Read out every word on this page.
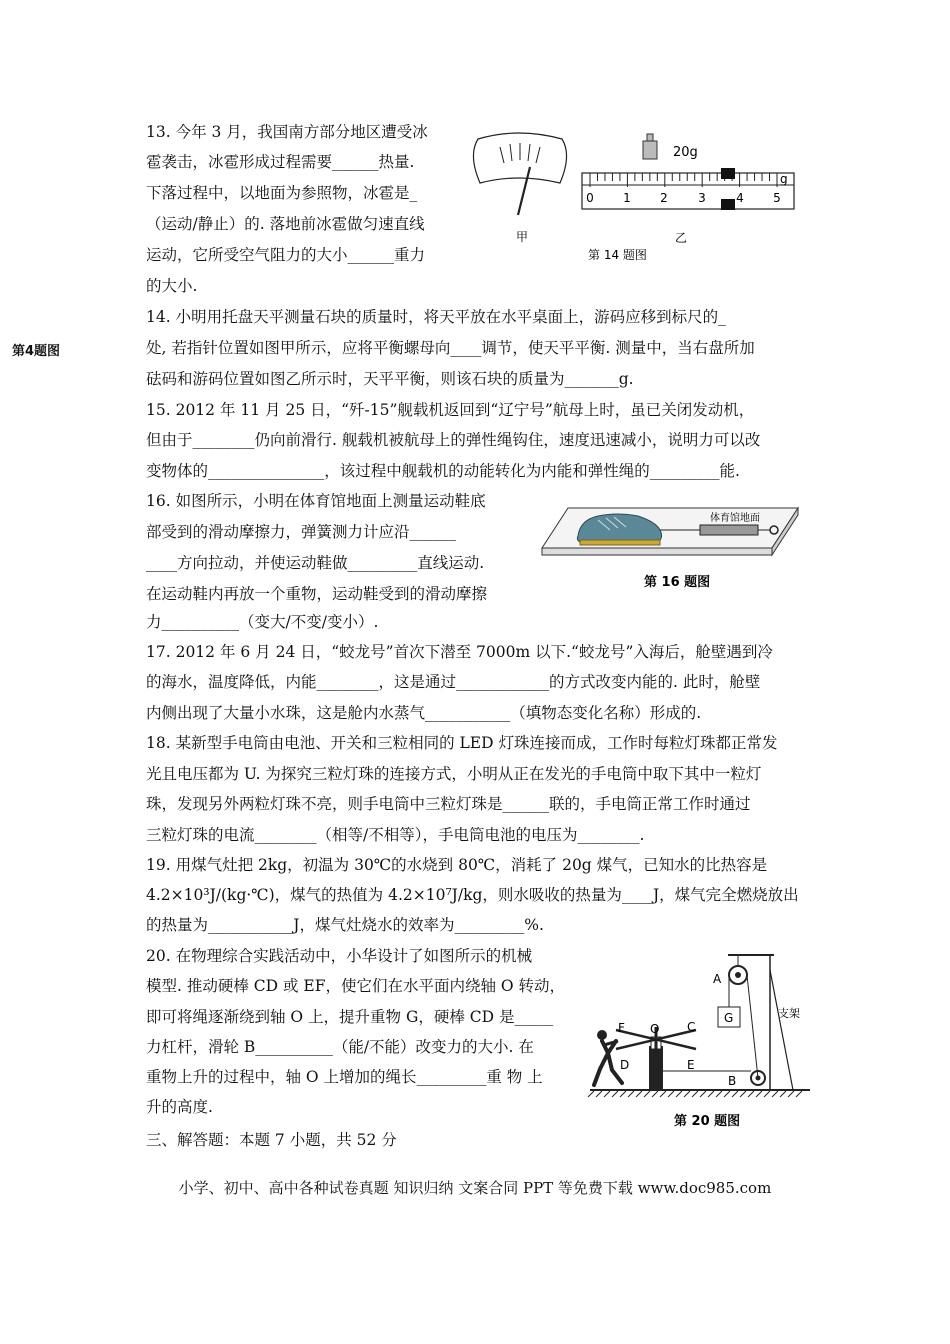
第4题图
13. 今年 3 月，我国南方部分地区遭受冰
雹袭击，冰雹形成过程需要______热量.
下落过程中，以地面为参照物，冰雹是_
（运动/静止）的. 落地前冰雹做匀速直线
运动，它所受空气阻力的大小______重力
的大小.
甲
20g
g
0 1 2	3	4 5
乙
第 14 题图
14. 小明用托盘天平测量石块的质量时，将天平放在水平桌面上，游码应移到标尺的_
处, 若指针位置如图甲所示，应将平衡螺母向____调节，使天平平衡. 测量中，当右盘所加
砝码和游码位置如图乙所示时，天平平衡，则该石块的质量为_______g.
15. 2012 年 11 月 25 日，“歼-15”舰载机返回到“辽宁号”航母上时，虽已关闭发动机，
但由于________仍向前滑行. 舰载机被航母上的弹性绳钩住，速度迅速减小，说明力可以改
变物体的_______________，该过程中舰载机的动能转化为内能和弹性绳的_________能.
16. 如图所示，小明在体育馆地面上测量运动鞋底
部受到的滑动摩擦力，弹簧测力计应沿______
____方向拉动，并使运动鞋做_________直线运动.
在运动鞋内再放一个重物，运动鞋受到的滑动摩擦
力__________（变大/不变/变小）.
体育馆地面
第 16 题图
17. 2012 年 6 月 24 日，“蛟龙号”首次下潜至 7000m 以下.“蛟龙号”入海后，舱壁遇到冷
的海水，温度降低，内能________，这是通过____________的方式改变内能的. 此时，舱壁
内侧出现了大量小水珠，这是舱内水蒸气___________（填物态变化名称）形成的.
18. 某新型手电筒由电池、开关和三粒相同的 LED 灯珠连接而成，工作时每粒灯珠都正常发
光且电压都为 U. 为探究三粒灯珠的连接方式，小明从正在发光的手电筒中取下其中一粒灯
珠，发现另外两粒灯珠不亮，则手电筒中三粒灯珠是______联的，手电筒正常工作时通过
三粒灯珠的电流________（相等/不相等），手电筒电池的电压为________.
19. 用煤气灶把 2kg，初温为 30℃的水烧到 80℃，消耗了 20g 煤气，已知水的比热容是
4.2×10³J/(kg·℃)，煤气的热值为 4.2×10⁷J/kg，则水吸收的热量为____J，煤气完全燃烧放出
的热量为___________J，煤气灶烧水的效率为_________%.
20. 在物理综合实践活动中，小华设计了如图所示的机械
模型. 推动硬棒 CD 或 EF，使它们在水平面内绕轴 O 转动，
即可将绳逐渐绕到轴 O 上，提升重物 G，硬棒 CD 是_____
力杠杆，滑轮 B__________（能/不能）改变力的大小. 在
重物上升的过程中，轴 O 上增加的绳长_________重 物 上
升的高度.
A
G	支架
F O C
D	E
B
第 20 题图
三、解答题：本题 7 小题，共 52 分
小学、初中、高中各种试卷真题 知识归纳 文案合同 PPT 等免费下载 www.doc985.com
